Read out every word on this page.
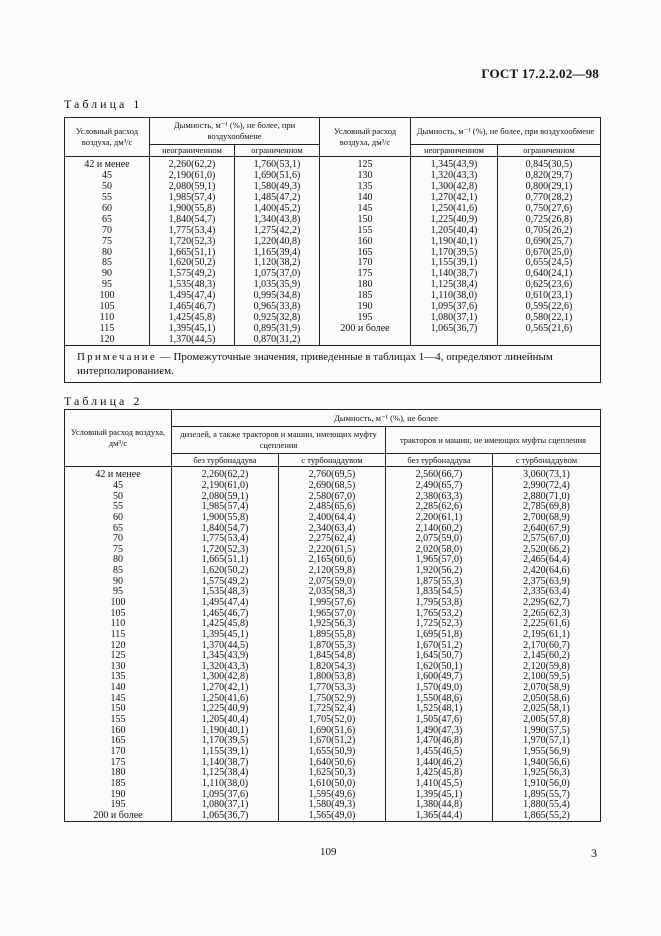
ГОСТ 17.2.2.02—98
Таблица 1
Условный расход воздуха, дм³/с	Дымность, м⁻¹ (%), не более, при воздухообмене		Условный расход воздуха, дм³/с	Дымность, м⁻¹ (%), не более, при воздухообмене	
	неограниченном	ограниченном		неограниченном	ограниченном
42 и менее	2,260(62,2)	1,760(53,1)	125	1,345(43,9)	0,845(30,5)
45	2,190(61,0)	1,690(51,6)	130	1,320(43,3)	0,820(29,7)
50	2,080(59,1)	1,580(49,3)	135	1,300(42,8)	0,800(29,1)
55	1,985(57,4)	1,485(47,2)	140	1,270(42,1)	0,770(28,2)
60	1,900(55,8)	1,400(45,2)	145	1,250(41,6)	0,750(27,6)
65	1,840(54,7)	1,340(43,8)	150	1,225(40,9)	0,725(26,8)
70	1,775(53,4)	1,275(42,2)	155	1,205(40,4)	0,705(26,2)
75	1,720(52,3)	1,220(40,8)	160	1,190(40,1)	0,690(25,7)
80	1,665(51,1)	1,165(39,4)	165	1,170(39,5)	0,670(25,0)
85	1,620(50,2)	1,120(38,2)	170	1,155(39,1)	0,655(24,5)
90	1,575(49,2)	1,075(37,0)	175	1,140(38,7)	0,640(24,1)
95	1,535(48,3)	1,035(35,9)	180	1,125(38,4)	0,625(23,6)
100	1,495(47,4)	0,995(34,8)	185	1,110(38,0)	0,610(23,1)
105	1,465(46,7)	0,965(33,8)	190	1,095(37,6)	0,595(22,6)
110	1,425(45,8)	0,925(32,8)	195	1,080(37,1)	0,580(22,1)
115	1,395(45,1)	0,895(31,9)	200 и более	1,065(36,7)	0,565(21,6)
120	1,370(44,5)	0,870(31,2)			
Примечание — Промежуточные значения, приведенные в таблицах 1—4, определяют линейным интерполированием.					
Таблица 2
Условный расход воздуха, дм³/с	Дымность, м⁻¹ (%), не более			
	дизелей, а также тракторов и машин, имеющих муфту сцепления		тракторов и машин, не имеющих муфты сцепления	
	без турбонаддува	с турбонаддувом	без турбонаддува	с турбонаддувом
42 и менее	2,260(62,2)	2,760(69,5)	2,560(66,7)	3,060(73,1)
45	2,190(61,0)	2,690(68,5)	2,490(65,7)	2,990(72,4)
50	2,080(59,1)	2,580(67,0)	2,380(63,3)	2,880(71,0)
55	1,985(57,4)	2,485(65,6)	2,285(62,6)	2,785(69,8)
60	1,900(55,8)	2,400(64,4)	2,200(61,1)	2,700(68,9)
65	1,840(54,7)	2,340(63,4)	2,140(60,2)	2,640(67,9)
70	1,775(53,4)	2,275(62,4)	2,075(59,0)	2,575(67,0)
75	1,720(52,3)	2,220(61,5)	2,020(58,0)	2,520(66,2)
80	1,665(51,1)	2,165(60,6)	1,965(57,0)	2,465(64,4)
85	1,620(50,2)	2,120(59,8)	1,920(56,2)	2,420(64,6)
90	1,575(49,2)	2,075(59,0)	1,875(55,3)	2,375(63,9)
95	1,535(48,3)	2,035(58,3)	1,835(54,5)	2,335(63,4)
100	1,495(47,4)	1,995(57,6)	1,795(53,8)	2,295(62,7)
105	1,465(46,7)	1,965(57,0)	1,765(53,2)	2,265(62,3)
110	1,425(45,8)	1,925(56,3)	1,725(52,3)	2,225(61,6)
115	1,395(45,1)	1,895(55,8)	1,695(51,8)	2,195(61,1)
120	1,370(44,5)	1,870(55,3)	1,670(51,2)	2,170(60,7)
125	1,345(43,9)	1,845(54,8)	1,645(50,7)	2,145(60,2)
130	1,320(43,3)	1,820(54,3)	1,620(50,1)	2,120(59,8)
135	1,300(42,8)	1,800(53,8)	1,600(49,7)	2,100(59,5)
140	1,270(42,1)	1,770(53,3)	1,570(49,0)	2,070(58,9)
145	1,250(41,6)	1,750(52,9)	1,550(48,6)	2,050(58,6)
150	1,225(40,9)	1,725(52,4)	1,525(48,1)	2,025(58,1)
155	1,205(40,4)	1,705(52,0)	1,505(47,6)	2,005(57,8)
160	1,190(40,1)	1,690(51,6)	1,490(47,3)	1,990(57,5)
165	1,170(39,5)	1,670(51,2)	1,470(46,8)	1,970(57,1)
170	1,155(39,1)	1,655(50,9)	1,455(46,5)	1,955(56,9)
175	1,140(38,7)	1,640(50,6)	1,440(46,2)	1,940(56,6)
180	1,125(38,4)	1,625(50,3)	1,425(45,8)	1,925(56,3)
185	1,110(38,0)	1,610(50,0)	1,410(45,5)	1,910(56,0)
190	1,095(37,6)	1,595(49,6)	1,395(45,1)	1,895(55,7)
195	1,080(37,1)	1,580(49,3)	1,380(44,8)	1,880(55,4)
200 и более	1,065(36,7)	1,565(49,0)	1,365(44,4)	1,865(55,2)
109	3
